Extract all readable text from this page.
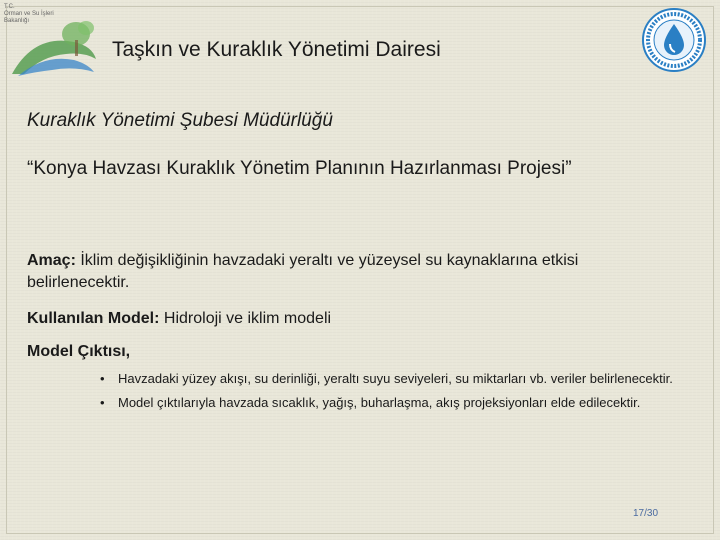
T.C.
Orman ve Su İşleri
Bakanlığı
Taşkın ve Kuraklık Yönetimi Dairesi
Kuraklık Yönetimi Şubesi Müdürlüğü
“Konya Havzası Kuraklık Yönetim Planının Hazırlanması Projesi”
Amaç: İklim değişikliğinin havzadaki yeraltı ve yüzeysel su kaynaklarına etkisi belirlenecektir.
Kullanılan Model: Hidroloji ve iklim modeli
Model Çıktısı,
• Havzadaki yüzey akışı, su derinliği, yeraltı suyu seviyeleri, su miktarları vb. veriler belirlenecektir.
• Model çıktılarıyla havzada sıcaklık, yağış, buharlaşma, akış projeksiyonları elde edilecektir.
17/30
